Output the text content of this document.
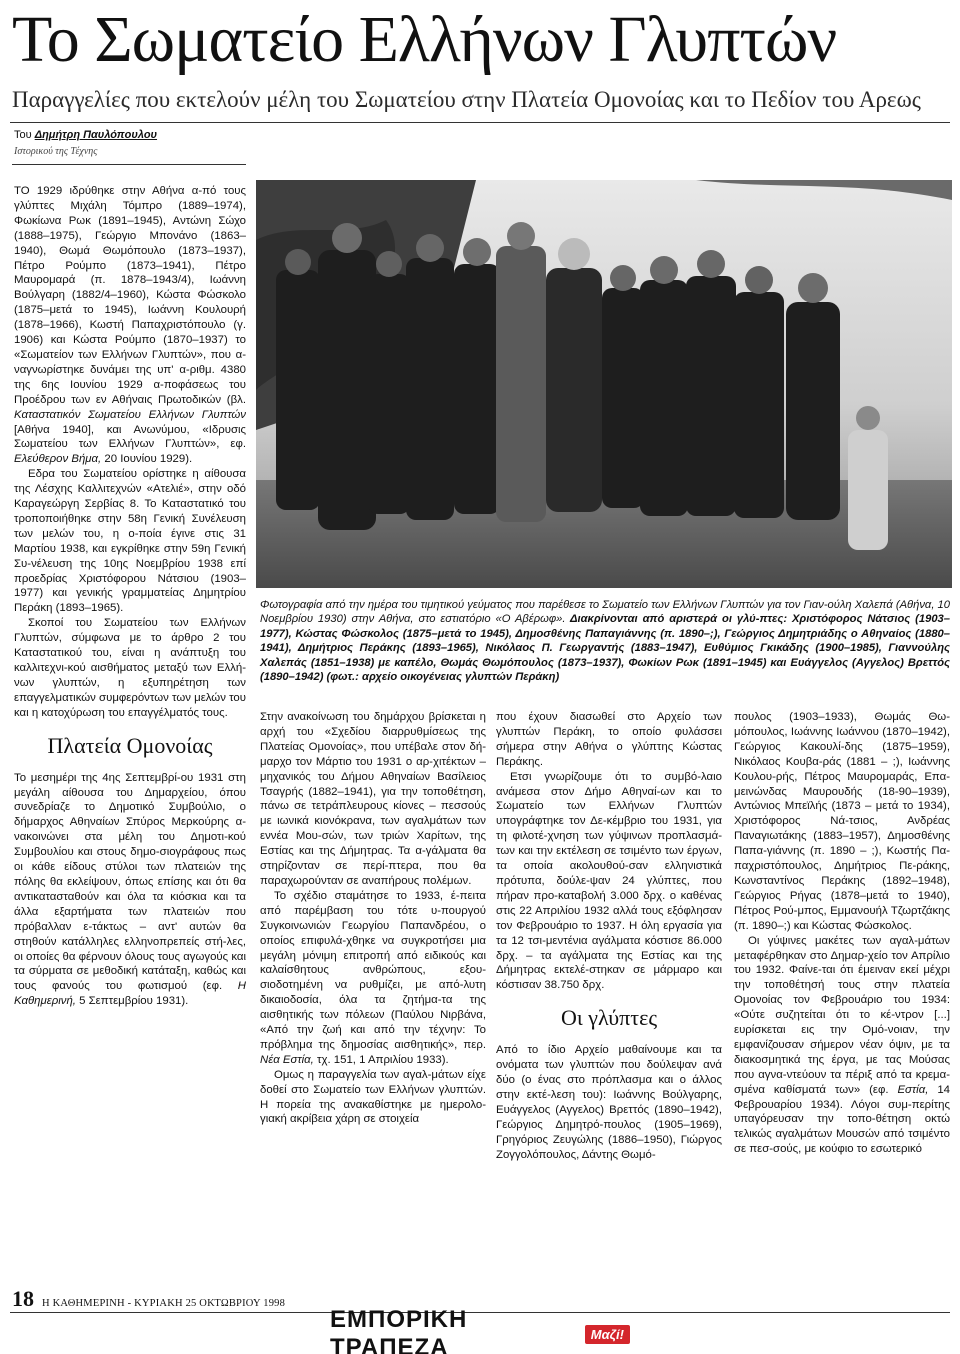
Το Σωματείο Ελλήνων Γλυπτών
Παραγγελίες που εκτελούν μέλη του Σωματείου στην Πλατεία Ομονοίας και το Πεδίον του Αρεως
Του Δημήτρη Παυλόπουλου
Ιστορικού της Τέχνης

ΤΟ 1929 ιδρύθηκε στην Αθήνα α-πό τους γλύπτες Μιχάλη Τόμπρο (1889–1974), Φωκίωνα Ρωκ (1891–1945), Αντώνη Σώχο (1888–1975), Γεώργιο Μπονάνο (1863–1940), Θωμά Θωμόπουλο (1873–1937), Πέτρο Ρούμπο (1873–1941), Πέτρο Μαυρομαρά (π. 1878–1943/4), Ιωάννη Βούλγαρη (1882/4–1960), Κώστα Φώσκολο (1875–μετά το 1945), Ιωάννη Κουλουρή (1878–1966), Κωστή Παπαχριστόπουλο (γ. 1906) και Κώστα Ρούμπο (1870–1937) το «Σωματείον των Ελλήνων Γλυπτών», που α-ναγνωρίστηκε δυνάμει της υπ' α-ριθμ. 4380 της 6ης Ιουνίου 1929 α-ποφάσεως του Προέδρου των εν Αθήναις Πρωτοδικών (βλ. Καταστατικόν Σωματείου Ελλήνων Γλυπτών [Αθήνα 1940], και Ανωνύμου, «Ιδρυσις Σωματείου των Ελλήνων Γλυπτών», εφ. Ελεύθερον Βήμα, 20 Ιουνίου 1929).

Εδρα του Σωματείου ορίστηκε η αίθουσα της Λέσχης Καλλιτεχνών «Ατελιέ», στην οδό Καραγεώργη Σερβίας 8. Το Καταστατικό του τροποποιήθηκε στην 58η Γενική Συνέλευση των μελών του, η ο-ποία έγινε στις 31 Μαρτίου 1938, και εγκρίθηκε στην 59η Γενική Συ-νέλευση της 10ης Νοεμβρίου 1938 επί προεδρίας Χριστόφορου Νάτσιου (1903–1977) και γενικής γραμματείας Δημητρίου Περάκη (1893–1965).

Σκοποί του Σωματείου των Ελλήνων Γλυπτών, σύμφωνα με το άρθρο 2 του Καταστατικού του, είναι η ανάπτυξη του καλλιτεχνι-κού αισθήματος μεταξύ των Ελλή-νων γλυπτών, η εξυπηρέτηση των επαγγελματικών συμφερόντων των μελών του και η κατοχύρωση του επαγγέλματός τους.

Πλατεία Ομονοίας

Το μεσημέρι της 4ης Σεπτεμβρί-ου 1931 στη μεγάλη αίθουσα του Δημαρχείου, όπου συνεδρίαζε το Δημοτικό Συμβούλιο, ο δήμαρχος Αθηναίων Σπύρος Μερκούρης α-νακοινώνει στα μέλη του Δημοτι-κού Συμβουλίου και στους δημο-σιογράφους πως οι κάθε είδους στύλοι των πλατειών της πόλης θα εκλείψουν, όπως επίσης και ότι θα αντικατασταθούν και όλα τα κιόσκια και τα άλλα εξαρτήματα των πλατειών που πρόβαλλαν ε-τάκτως – αντ' αυτών θα στηθούν κατάλληλες ελληνοπρεπείς στή-λες, οι οποίες θα φέρνουν όλους τους αγωγούς και τα σύρματα σε μεθοδική κατάταξη, καθώς και τους φανούς του φωτισμού (εφ. Η Καθημερινή, 5 Σεπτεμβρίου 1931).

Φωτογραφία από την ημέρα του τιμητικού γεύματος που παρέθεσε το Σωματείο των Ελλήνων Γλυπτών για τον Γιαν-ούλη Χαλεπά (Αθήνα, 10 Νοεμβρίου 1930) στην Αθήνα, στο εστιατόριο «Ο Αβέρωφ». Διακρίνονται από αριστερά οι γλύ-πτες: Χριστόφορος Νάτσιος (1903–1977), Κώστας Φώσκολος (1875–μετά το 1945), Δημοσθένης Παπαγιάννης (π. 1890–;), Γεώργιος Δημητριάδης ο Αθηναίος (1880–1941), Δημήτριος Περάκης (1893–1965), Νικόλαος Π. Γεωργαντής (1883–1947), Ευθύμιος Γκικάδης (1900–1985), Γιαννούλης Χαλεπάς (1851–1938) με καπέλο, Θωμάς Θωμόπουλος (1873–1937), Φωκίων Ρωκ (1891–1945) και Ευάγγελος (Αγγελος) Βρεττός (1890–1942) (φωτ.: αρχείο οικογένειας γλυπτών Περάκη)

Στην ανακοίνωση του δημάρχου βρίσκεται η αρχή του «Σχεδίου διαρρυθμίσεως της Πλατείας Ομονοίας», που υπέβαλε στον δή-μαρχο τον Μάρτιο του 1931 ο αρ-χιτέκτων – μηχανικός του Δήμου Αθηναίων Βασίλειος Τσαγρής (1882–1941), για την τοποθέτηση, πάνω σε τετράπλευρους κίονες – πεσσούς με ιωνικά κιονόκρανα, των αγαλμάτων των εννέα Μου-σών, των τριών Χαρίτων, της Εστίας και της Δήμητρας. Τα α-γάλματα θα στηρίζονταν σε περί-πτερα, που θα παραχωρούνταν σε αναπήρους πολέμων.

Το σχέδιο σταμάτησε το 1933, έ-πειτα από παρέμβαση του τότε υ-πουργού Συγκοινωνιών Γεωργίου Παπανδρέου, ο οποίος επιφυλά-χθηκε να συγκροτήσει μια μεγάλη μόνιμη επιτροπή από ειδικούς και καλαίσθητους ανθρώπους, εξου-σιοδοτημένη να ρυθμίζει, με από-λυτη δικαιοδοσία, όλα τα ζητήμα-τα της αισθητικής των πόλεων (Παύλου Νιρβάνα, «Από την ζωή και από την τέχνην: Το πρόβλημα της δημοσίας αισθητικής», περ. Νέα Εστία, τχ. 151, 1 Απριλίου 1933).

Ομως η παραγγελία των αγαλ-μάτων είχε δοθεί στο Σωματείο των Ελλήνων γλυπτών. Η πορεία της ανακαθίστηκε με ημερολο-γιακή ακρίβεια χάρη σε στοιχεία

που έχουν διασωθεί στο Αρχείο των γλυπτών Περάκη, το οποίο φυλάσσει σήμερα στην Αθήνα ο γλύπτης Κώστας Περάκης.

Ετσι γνωρίζουμε ότι το συμβό-λαιο ανάμεσα στον Δήμο Αθηναί-ων και το Σωματείο των Ελλήνων Γλυπτών υπογράφτηκε τον Δε-κέμβριο του 1931, για τη φιλοτέ-χνηση των γύψινων προπλασμά-των και την εκτέλεση σε τσιμέντο των έργων, τα οποία ακολουθού-σαν ελληνιστικά πρότυπα, δούλε-ψαν 24 γλύπτες, που πήραν προ-καταβολή 3.000 δρχ. ο καθένας στις 22 Απριλίου 1932 αλλά τους εξόφλησαν τον Φεβρουάριο το 1937. Η όλη εργασία για τα 12 τσι-μεντένια αγάλματα κόστισε 86.000 δρχ. – τα αγάλματα της Εστίας και της Δήμητρας εκτελέ-στηκαν σε μάρμαρο και κόστισαν 38.750 δρχ.

Οι γλύπτες

Από το ίδιο Αρχείο μαθαίνουμε και τα ονόματα των γλυπτών που δούλεψαν ανά δύο (ο ένας στο πρόπλασμα και ο άλλος στην εκτέ-λεση του): Ιωάννης Βούλγαρης, Ευάγγελος (Αγγελος) Βρεττός (1890–1942), Γεώργιος Δημητρό-πουλος (1905–1969), Γρηγόριος Ζευγώλης (1886–1950), Γιώργος Ζογγολόπουλος, Δάντης Θωμό-

πουλος (1903–1933), Θωμάς Θω-μόπουλος, Ιωάννης Ιωάννου (1870–1942), Γεώργιος Κακουλί-δης (1875–1959), Νικόλαος Κουβα-ράς (1881 – ;), Ιωάννης Κουλου-ρής, Πέτρος Μαυρομαράς, Επα-μεινώνδας Μαυρουδής (18-90–1939), Αντώνιος Μπεϊλής (1873 – μετά το 1934), Χριστόφορος Νά-τσιος, Ανδρέας Παναγιωτάκης (1883–1957), Δημοσθένης Παπα-γιάννης (π. 1890 – ;), Κωστής Πα-παχριστόπουλος, Δημήτριος Πε-ράκης, Κωνσταντίνος Περάκης (1892–1948), Γεώργιος Ρήγας (1878–μετά το 1940), Πέτρος Ρού-μπος, Εμμανουήλ Τζωρτζάκης (π. 1890–;) και Κώστας Φώσκολος.

Οι γύψινες μακέτες των αγαλ-μάτων μεταφέρθηκαν στο Δημαρ-χείο τον Απρίλιο του 1932. Φαίνε-ται ότι έμειναν εκεί μέχρι την τοποθέτησή τους στην πλατεία Ομονοίας τον Φεβρουάριο του 1934: «Ούτε συζητείται ότι το κέ-ντρον [...] ευρίσκεται εις την Ομό-νοιαν, την εμφανίζουσαν σήμερον νέαν όψιν, με τα διακοσμητικά της έργα, με τας Μούσας που αγνα-ντεύουν τα πέριξ από τα κρεμα-σμένα καθίσματά των» (εφ. Εστία, 14 Φεβρουαρίου 1934). Λόγοι συμ-περίτης υπαγόρευσαν την τοπο-θέτηση οκτώ τελικώς αγαλμάτων Μουσών από τσιμέντο σε πεσ-σούς, με κούφιο το εσωτερικό

18 Η ΚΑΘΗΜΕΡΙΝΗ - ΚΥΡΙΑΚΗ 25 ΟΚΤΩΒΡΙΟΥ 1998
ΕΜΠΟΡΙΚΗ ΤΡΑΠΕΖΑ	Μαζί!
